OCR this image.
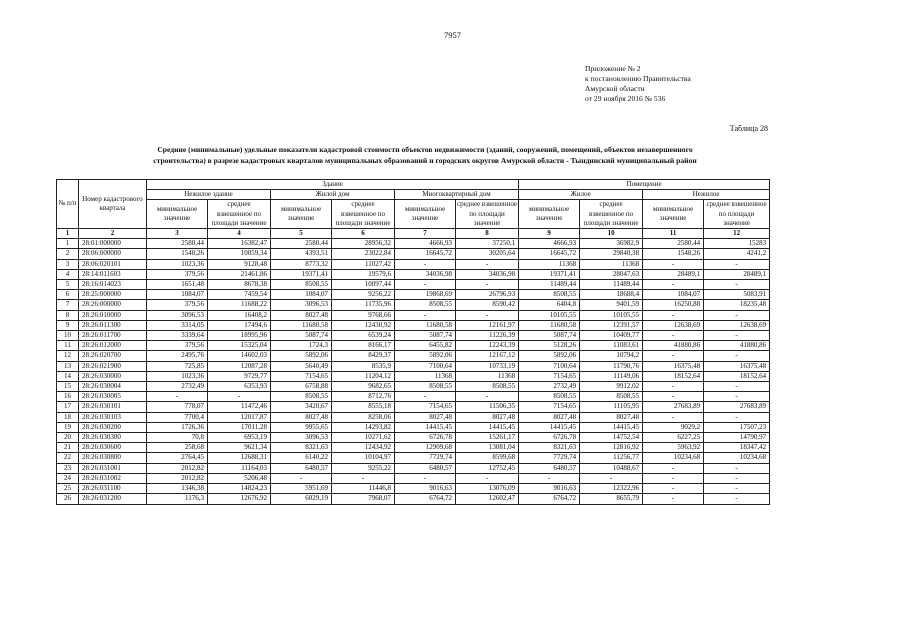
7957
Приложение № 2
к постановлению Правительства
Амурской области
от 29 ноября 2016 № 536
Таблица 28
Средние (минимальные) удельные показатели кадастровой стоимости объектов недвижимости (зданий, сооружений, помещений, объектов незавершенного
строительства) в разрезе кадастровых кварталов муниципальных образований и городских округов Амурской области - Тындинский муниципальный район
№ п/п	Номер кадастрового квартала	Здание						Помещение			
		Нежилое здание		Жилой дом		Многоквартирный дом		Жилое		Нежилое	
		минимальное значение	среднее взвешенное по площади значение	минимальное значение	среднее взвешенное по площади значение	минимальное значение	среднее взвешенное по площади значение	минимальное значение	среднее взвешенное по площади значение	минимальное значение	среднее взвешенное по площади значение
1	2	3	4	5	6	7	8	9	10	11	12
1	28:01:000000	2580,44	16382,47	2580,44	28956,32	4666,93	37250,1	4666,93	36982,9	2580,44	15283
2	28:06:000000	1548,26	10059,34	4393,51	23022,84	16645,72	30205,64	16645,72	29840,38	1548,26	4241,2
3	28:06:020101	1023,36	9128,48	8773,32	11027,42	-	-	11368	11368	-	-
4	28:14:011603	379,56	21461,86	19371,41	19579,6	34036,98	34036,98	19371,41	28047,63	28489,1	28489,1
5	28:16:014023	1651,48	8678,38	8508,55	10097,44	-	-	11489,44	11489,44	-	-
6	28:25:000000	1084,07	7459,54	1084,07	9256,22	19868,69	26796,93	8508,55	18688,4	1084,07	5083,91
7	28:26:000000	379,56	11688,22	3096,53	11735,96	8508,55	8590,42	6404,8	9401,59	16250,88	18235,48
8	28:26:010000	3096,53	16408,2	8027,48	9768,66	-	-	10105,55	10105,55	-	-
9	28:26:011300	3314,05	17494,6	11680,58	12430,92	11680,58	12161,97	11680,58	12391,57	12638,69	12638,69
10	28:26:011700	3339,64	18995,96	5087,74	6539,24	5087,74	11226,39	5087,74	10409,77	-	-
11	28:26:012000	379,56	15325,04	1724,3	8166,17	6455,82	12243,39	5128,26	11083,61	41880,86	41880,86
12	28:26:020700	2495,76	14602,03	5892,06	8429,37	5892,06	12167,12	5892,06	10794,2	-	-
13	28:26:021900	725,85	12087,28	5640,49	8535,9	7100,64	10733,19	7100,64	11790,76	16375,48	16375,48
14	28:26:030000	1023,36	9729,77	7154,65	11204,12	11368	11368	7154,65	11149,06	18152,64	18152,64
15	28:26:030004	2732,49	6353,93	6758,88	9682,65	8508,55	8508,55	2732,49	9912,02	-	-
16	28:26:030005	-	-	8508,55	8712,76	-	-	8508,55	8508,55	-	-
17	28:26:030101	778,07	11472,46	3420,67	8555,18	7154,65	11506,35	7154,65	11105,95	27683,89	27683,89
18	28:26:030103	7700,4	12017,87	8027,48	8258,06	8027,48	8027,48	8027,48	8027,48	-	-
19	28:26:030200	1726,36	17011,28	9955,65	14293,82	14415,45	14415,45	14415,45	14415,45	9029,2	17507,23
20	28:26:030300	70,8	6953,19	3096,53	10271,62	6726,78	15261,17	6726,78	14752,54	6227,25	14790,97
21	28:26:030600	258,68	9621,34	8321,63	12434,92	12909,68	13081,04	8321,63	12816,92	5963,92	18347,42
22	28:26:030800	2764,45	12688,31	6140,22	10104,97	7729,74	8599,68	7729,74	11256,77	10234,68	10234,68
23	28:26:031001	2012,82	11164,03	6480,57	9255,22	6480,57	12752,45	6480,57	10488,67	-	-
24	28:26:031002	2012,82	5206,48	-	-	-	-	-	-	-	-
25	28:26:031100	1346,38	14824,23	5951,69	11446,8	9016,63	13076,09	9016,63	12322,96	-	-
26	28:26:031200	1176,3	12676,92	6029,19	7968,07	6764,72	12602,47	6764,72	8655,79	-	-
